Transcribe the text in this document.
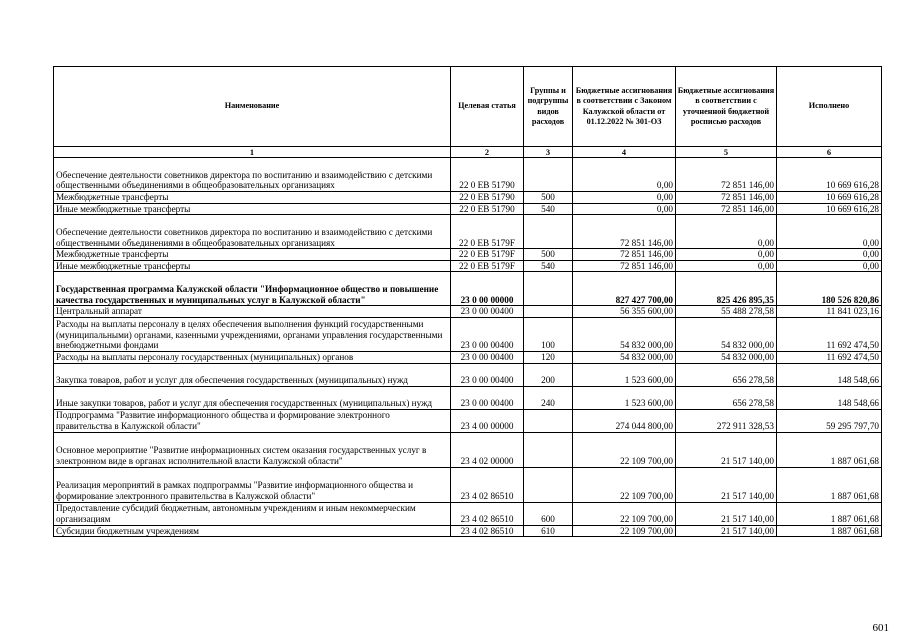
Наименование	Целевая статья	Группы и подгруппы видов расходов	Бюджетные ассигнования в соответствии с Законом Калужской области от 01.12.2022 № 301-ОЗ	Бюджетные ассигнования в соответствии с уточненной бюджетной росписью расходов	Исполнено
1	2	3	4	5	6
Обеспечение деятельности советников директора по воспитанию и взаимодействию с детскими общественными объединениями в общеобразовательных организациях	22 0 ЕВ 51790		0,00	72 851 146,00	10 669 616,28
Межбюджетные трансферты	22 0 ЕВ 51790	500	0,00	72 851 146,00	10 669 616,28
Иные межбюджетные трансферты	22 0 ЕВ 51790	540	0,00	72 851 146,00	10 669 616,28
Обеспечение деятельности советников директора по воспитанию и взаимодействию с детскими общественными объединениями в общеобразовательных организациях	22 0 ЕВ 5179F		72 851 146,00	0,00	0,00
Межбюджетные трансферты	22 0 ЕВ 5179F	500	72 851 146,00	0,00	0,00
Иные межбюджетные трансферты	22 0 ЕВ 5179F	540	72 851 146,00	0,00	0,00
Государственная программа Калужской области "Информационное общество и повышение качества государственных и муниципальных услуг в Калужской области"	23 0 00 00000		827 427 700,00	825 426 895,35	180 526 820,86
Центральный аппарат	23 0 00 00400		56 355 600,00	55 488 278,58	11 841 023,16
Расходы на выплаты персоналу в целях обеспечения выполнения функций государственными (муниципальными) органами, казенными учреждениями, органами управления государственными внебюджетными фондами	23 0 00 00400	100	54 832 000,00	54 832 000,00	11 692 474,50
Расходы на выплаты персоналу государственных (муниципальных) органов	23 0 00 00400	120	54 832 000,00	54 832 000,00	11 692 474,50
Закупка товаров, работ и услуг для обеспечения государственных (муниципальных) нужд	23 0 00 00400	200	1 523 600,00	656 278,58	148 548,66
Иные закупки товаров, работ и услуг для обеспечения государственных (муниципальных) нужд	23 0 00 00400	240	1 523 600,00	656 278,58	148 548,66
Подпрограмма "Развитие информационного общества и формирование электронного правительства в Калужской области"	23 4 00 00000		274 044 800,00	272 911 328,53	59 295 797,70
Основное мероприятие "Развитие информационных систем оказания государственных услуг в электронном виде в органах исполнительной власти Калужской области"	23 4 02 00000		22 109 700,00	21 517 140,00	1 887 061,68
Реализация мероприятий в рамках подпрограммы "Развитие информационного общества и формирование электронного правительства в Калужской области"	23 4 02 86510		22 109 700,00	21 517 140,00	1 887 061,68
Предоставление субсидий бюджетным, автономным учреждениям и иным некоммерческим организациям	23 4 02 86510	600	22 109 700,00	21 517 140,00	1 887 061,68
Субсидии бюджетным учреждениям	23 4 02 86510	610	22 109 700,00	21 517 140,00	1 887 061,68
601
